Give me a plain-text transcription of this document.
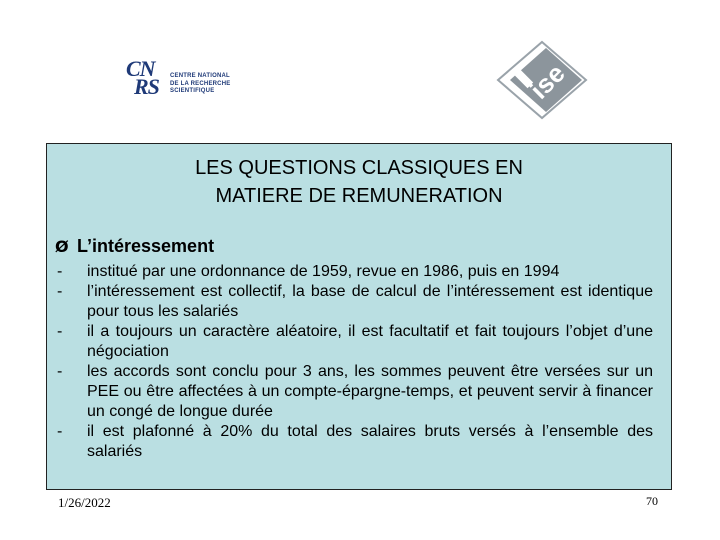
CN
RS CENTRE NATIONAL
DE LA RECHERCHE
SCIENTIFIQUE	ise
LES QUESTIONS CLASSIQUES EN
MATIERE DE REMUNERATION
Ø L’intéressement
-	institué par une ordonnance de 1959, revue en 1986, puis en 1994
-	l’intéressement est collectif, la base de calcul de l’intéressement est identique pour tous les salariés
-	il a toujours un caractère aléatoire, il est facultatif et fait toujours l’objet d’une négociation
-	les accords sont conclu pour 3 ans, les sommes peuvent être versées sur un PEE ou être affectées à un compte-épargne-temps, et peuvent servir à financer un congé de longue durée
-	il est plafonné à 20% du total des salaires bruts versés à l’ensemble des salariés
1/26/2022	70
